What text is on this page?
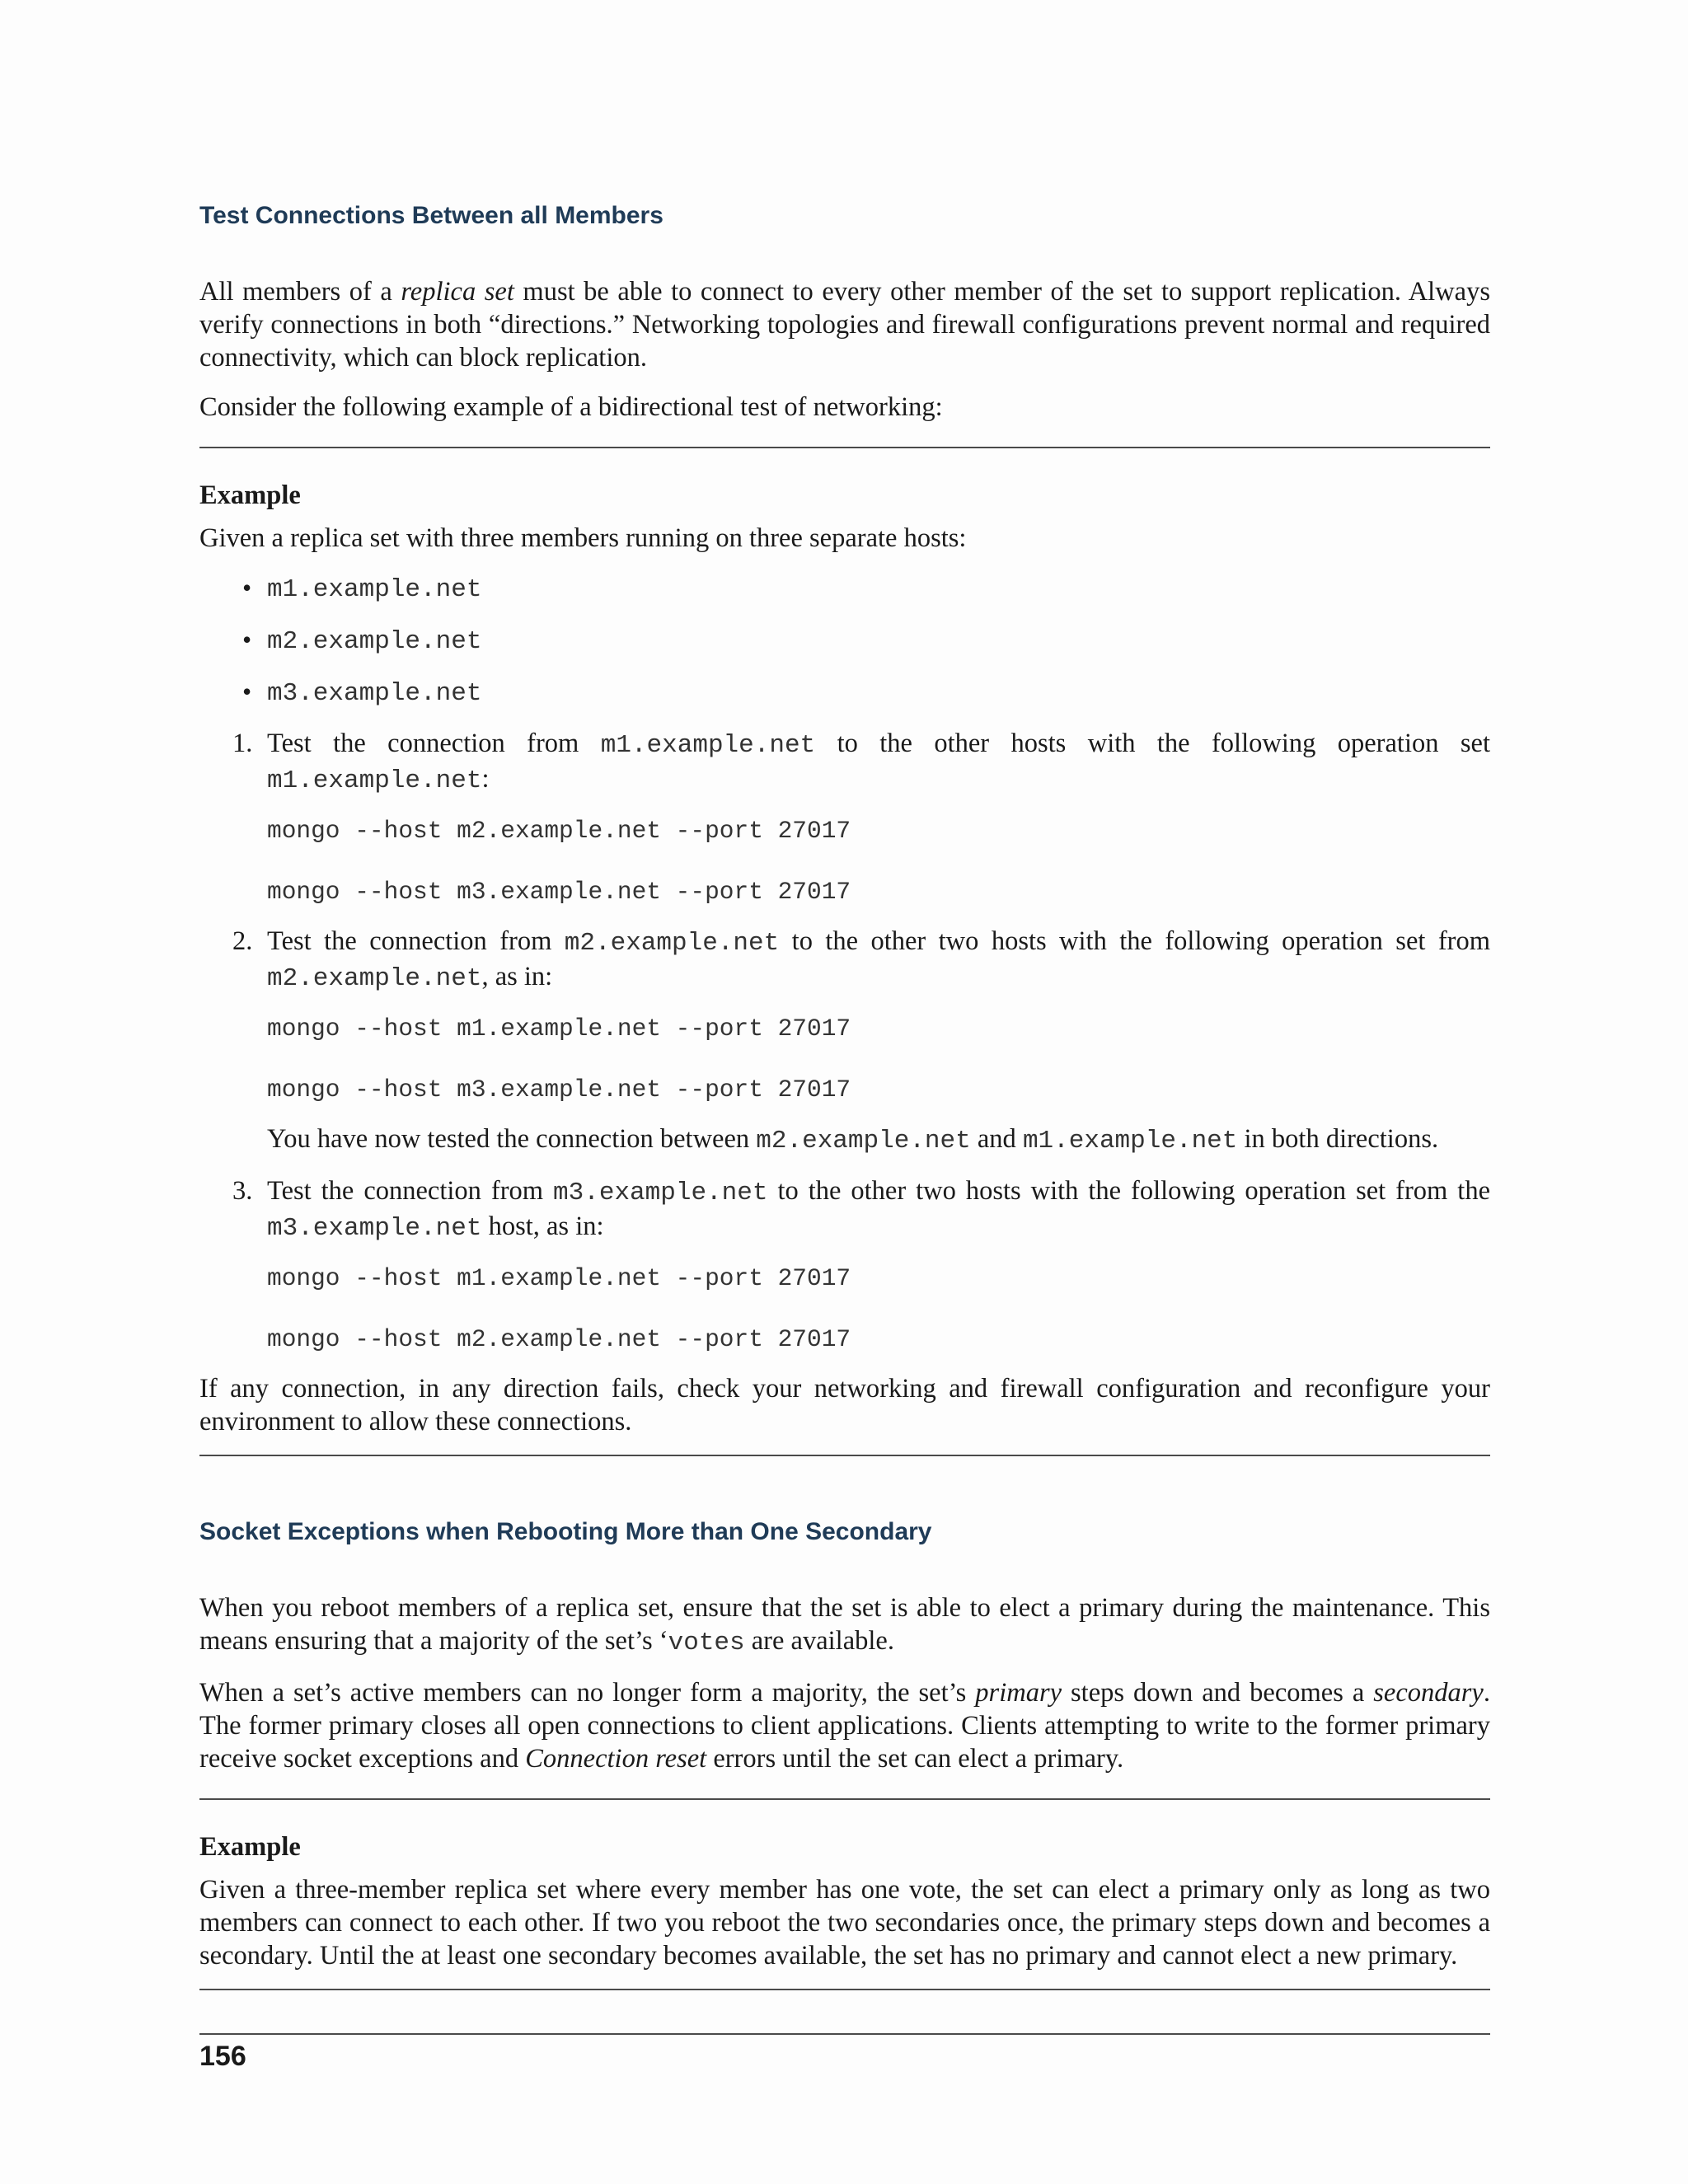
Test Connections Between all Members

All members of a replica set must be able to connect to every other member of the set to support replication. Always verify connections in both “directions.” Networking topologies and firewall configurations prevent normal and required connectivity, which can block replication.

Consider the following example of a bidirectional test of networking:

Example

Given a replica set with three members running on three separate hosts:

• m1.example.net
• m2.example.net
• m3.example.net
1. Test the connection from m1.example.net to the other hosts with the following operation set m1.example.net:
mongo --host m2.example.net --port 27017
mongo --host m3.example.net --port 27017
2. Test the connection from m2.example.net to the other two hosts with the following operation set from m2.example.net, as in:
mongo --host m1.example.net --port 27017
mongo --host m3.example.net --port 27017
You have now tested the connection between m2.example.net and m1.example.net in both directions.
3. Test the connection from m3.example.net to the other two hosts with the following operation set from the m3.example.net host, as in:
mongo --host m1.example.net --port 27017
mongo --host m2.example.net --port 27017

If any connection, in any direction fails, check your networking and firewall configuration and reconfigure your environment to allow these connections.

Socket Exceptions when Rebooting More than One Secondary

When you reboot members of a replica set, ensure that the set is able to elect a primary during the maintenance. This means ensuring that a majority of the set’s ‘votes are available.

When a set’s active members can no longer form a majority, the set’s primary steps down and becomes a secondary. The former primary closes all open connections to client applications. Clients attempting to write to the former primary receive socket exceptions and Connection reset errors until the set can elect a primary.

Example

Given a three-member replica set where every member has one vote, the set can elect a primary only as long as two members can connect to each other. If two you reboot the two secondaries once, the primary steps down and becomes a secondary. Until the at least one secondary becomes available, the set has no primary and cannot elect a new primary.

156
